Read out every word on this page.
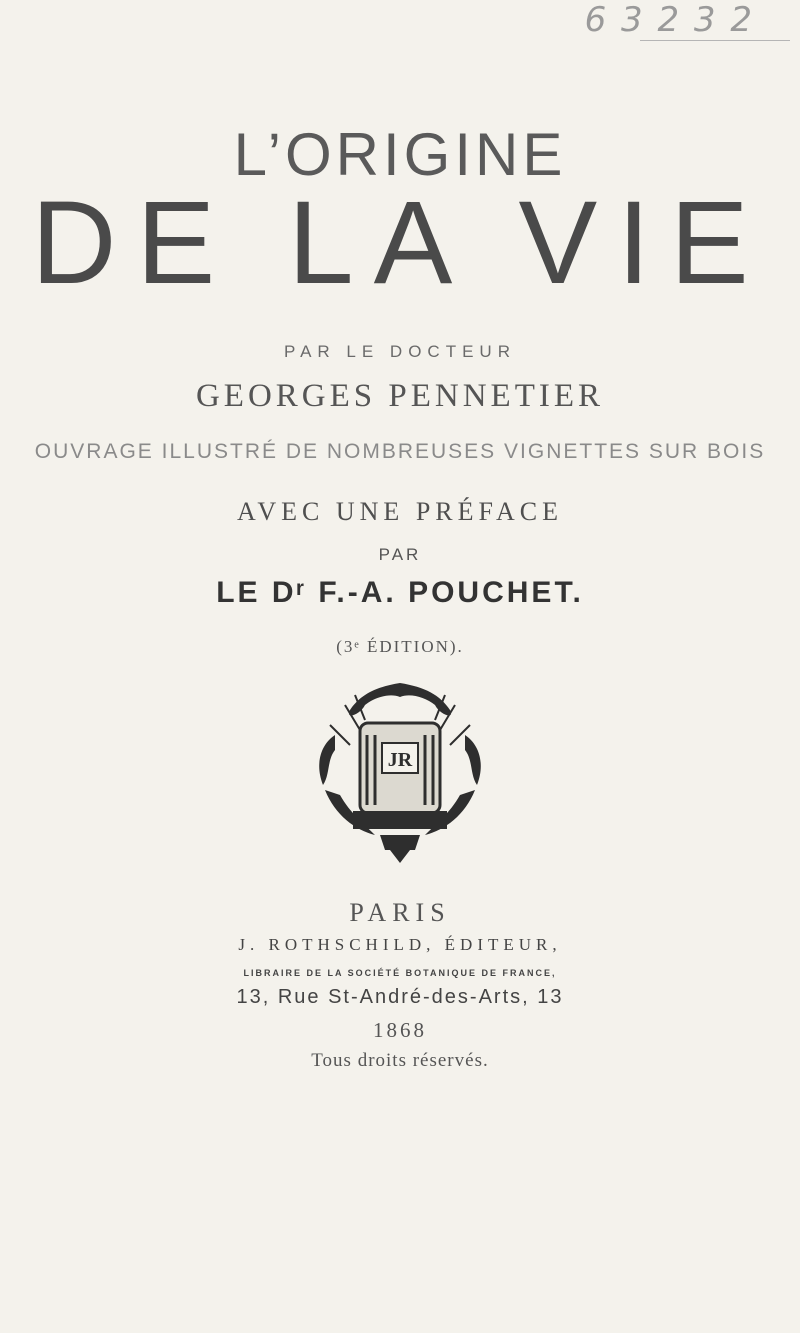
6 3 2 3 2
L’ORIGINE
DE LA VIE
PAR LE DOCTEUR
GEORGES PENNETIER
OUVRAGE ILLUSTRÉ DE NOMBREUSES VIGNETTES SUR BOIS
AVEC UNE PRÉFACE
PAR
LE Dʳ F.-A. POUCHET.
(3ᵉ ÉDITION).
JR
PARIS
J. ROTHSCHILD, ÉDITEUR,
LIBRAIRE DE LA SOCIÉTÉ BOTANIQUE DE FRANCE,
13, Rue St-André-des-Arts, 13
1868
Tous droits réservés.
